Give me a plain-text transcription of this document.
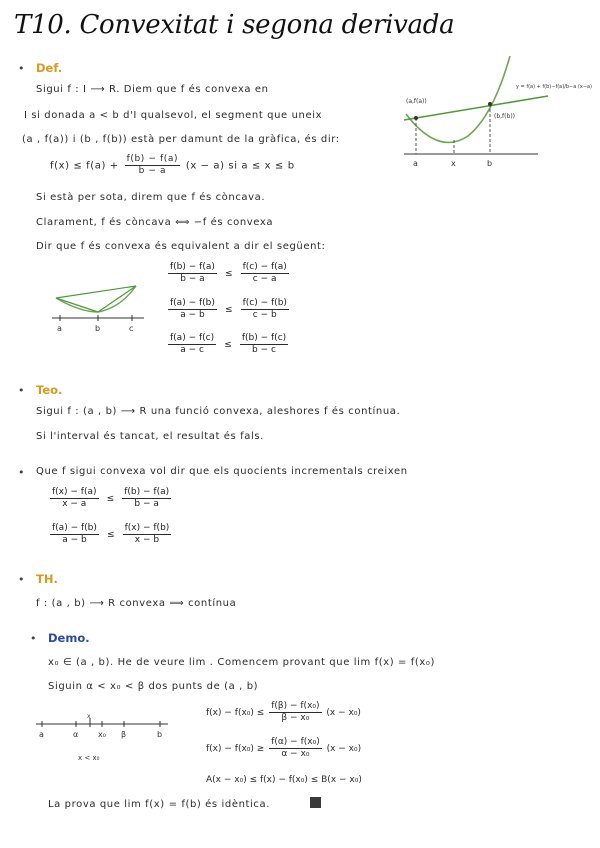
T10. Convexitat i segona derivada
• Def.
Sigui f : I ⟶ R. Diem que f és convexa en
I si donada a < b d'I qualsevol, el segment que uneix
(a , f(a)) i (b , f(b)) està per damunt de la gràfica, és dir:
$f(x) \le f(a) + \frac{f(b) - f(a)}{b - a} (x - a)$ si a ≤ x ≤ b
Si està per sota, direm que f és còncava.
Clarament, f és còncava ⟺ −f és convexa
Dir que f és convexa és equivalent a dir el següent:
$\frac{f(b) - f(a)}{b - a} \le \frac{f(c) - f(a)}{c - a}$
$\frac{f(a) - f(b)}{a - b} \le \frac{f(c) - f(b)}{c - b}$
$\frac{f(a) - f(c)}{a - c} \le \frac{f(b) - f(c)}{b - c}$
(a,f(a))
(b,f(b))
y = f(a) + f(b)−f(a)/b−a (x−a)
a	x	b
a	b	c
• Teo.
Sigui f : (a , b) ⟶ R una funció convexa, aleshores f és contínua.
Si l'interval és tancat, el resultat és fals.
• Que f sigui convexa vol dir que els quocients incrementals creixen
$\frac{f(x) - f(a)}{x - a} \le \frac{f(b) - f(a)}{b - a}$
$\frac{f(a) - f(b)}{a - b} \le \frac{f(x) - f(b)}{x - b}$
• TH.
f : (a , b) ⟶ R convexa ⟹ contínua
• Demo.
x₀ ∈ (a , b). He de veure lim . Comencem provant que lim f(x) = f(x₀)
Siguin α < x₀ < β dos punts de (a , b)
$f(x) - f(x_0) \le \frac{\text{f(β) − f(x₀)}}{\text{β − x₀}} (x - x_0)$
$f(x) - f(x_0) \ge \frac{\text{f(α) − f(x₀)}}{\text{α − x₀}} (x - x_0)$
A(x − x₀) ≤ f(x) − f(x₀) ≤ B(x − x₀)
x
a	α x₀ β	b
x < x₀
La prova que lim f(x) = f(b) és idèntica.
